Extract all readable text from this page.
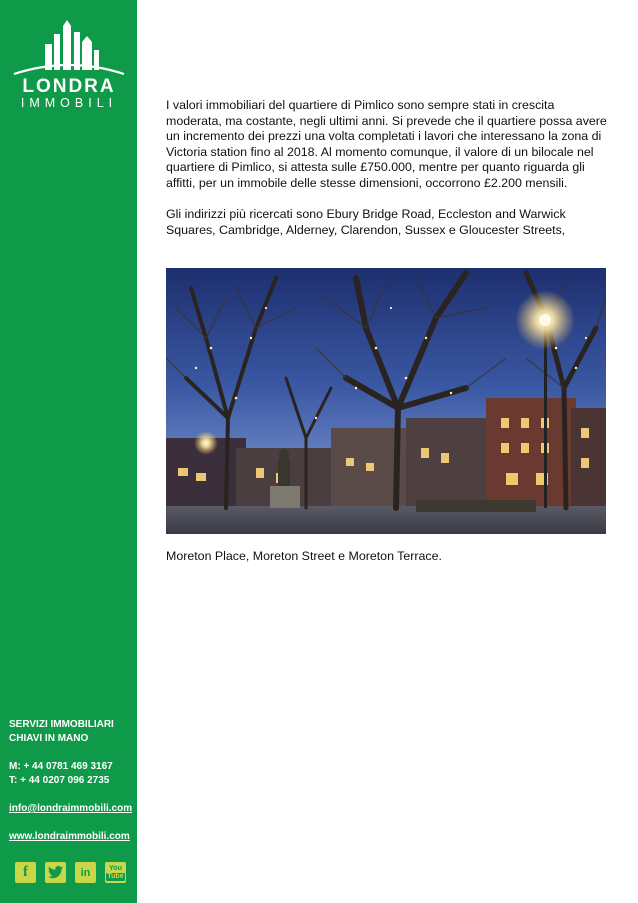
LONDRA
IMMOBILI
SERVIZI IMMOBILIARI
CHIAVI IN MANO
M: + 44 0781 469 3167
T: + 44 0207 096 2735
info@londraimmobili.com
www.londraimmobili.com
f	in	You
Tube

I valori immobiliari del quartiere di Pimlico sono sempre stati in crescita moderata, ma costante, negli ultimi anni. Si prevede che il quartiere possa avere un incremento dei prezzi una volta completati i lavori che interessano la zona di Victoria station fino al 2018. Al momento comunque, il valore di un bilocale nel quartiere di Pimlico, si attesta sulle £750.000, mentre per quanto riguarda gli affitti, per un immobile delle stesse dimensioni, occorrono £2.200 mensili.

Gli indirizzi più ricercati sono Ebury Bridge Road, Eccleston and Warwick Squares, Cambridge, Alderney, Clarendon, Sussex e Gloucester Streets,

Moreton Place, Moreton Street e Moreton Terrace.
